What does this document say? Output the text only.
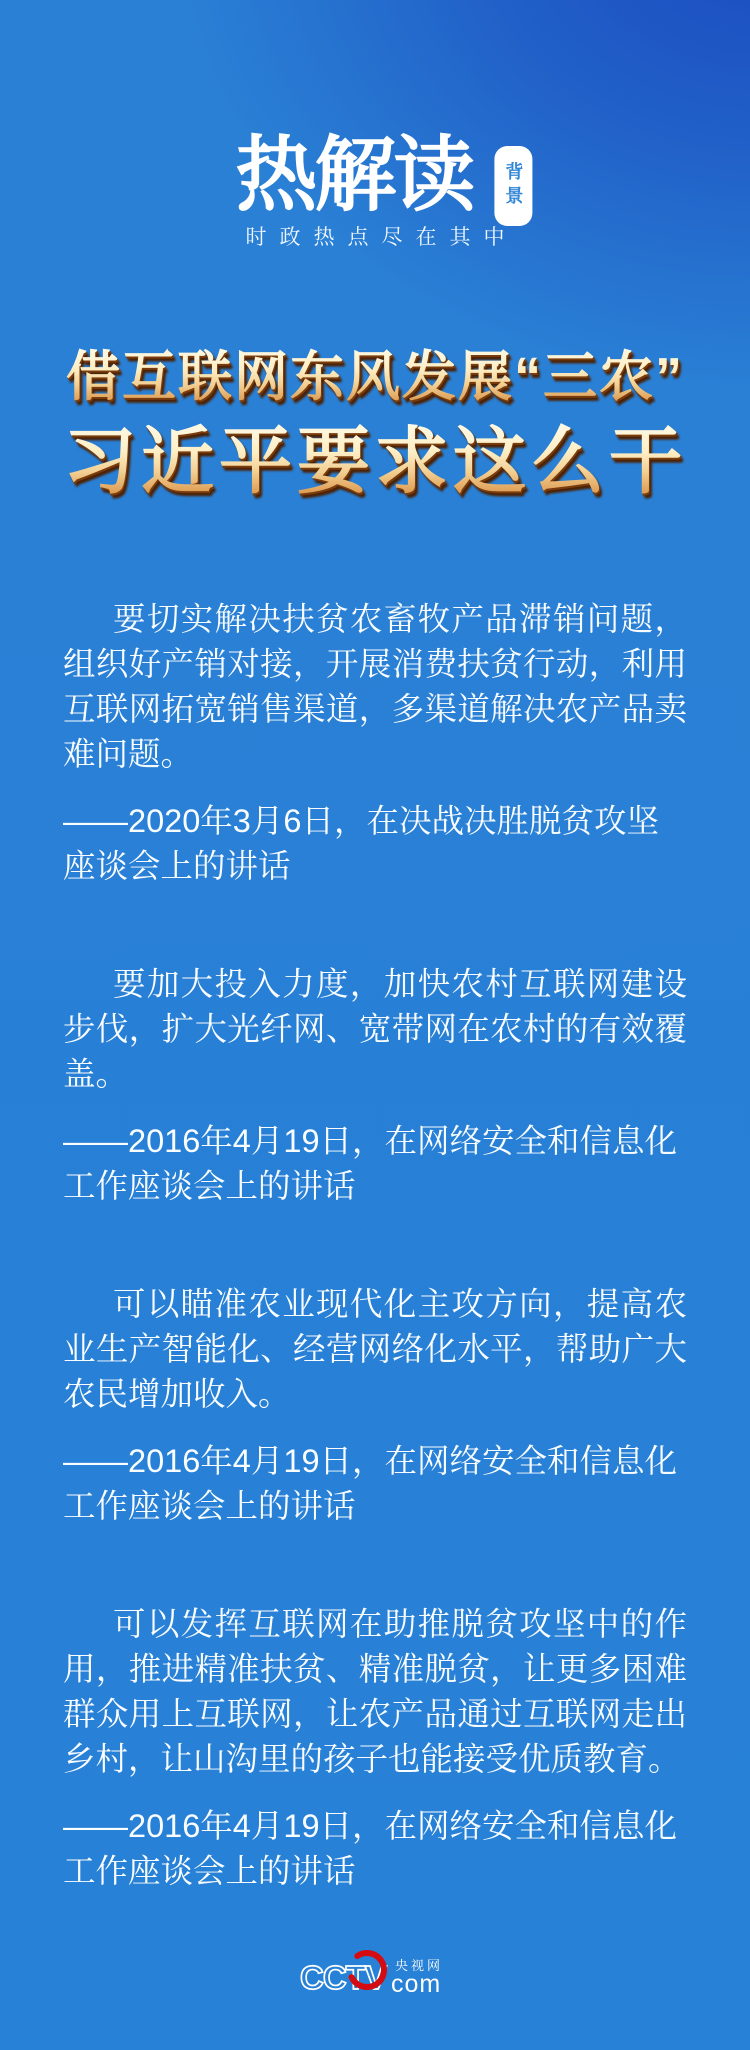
热解读	背景
时政热点尽在其中
借互联网东风发展“三农”
习近平要求这么干

要切实解决扶贫农畜牧产品滞销问题，组织好产销对接，开展消费扶贫行动，利用互联网拓宽销售渠道，多渠道解决农产品卖难问题。

——2020年3月6日，在决战决胜脱贫攻坚座谈会上的讲话

要加大投入力度，加快农村互联网建设步伐，扩大光纤网、宽带网在农村的有效覆盖。

——2016年4月19日，在网络安全和信息化工作座谈会上的讲话

可以瞄准农业现代化主攻方向，提高农业生产智能化、经营网络化水平，帮助广大农民增加收入。

——2016年4月19日，在网络安全和信息化工作座谈会上的讲话

可以发挥互联网在助推脱贫攻坚中的作用，推进精准扶贫、精准脱贫，让更多困难群众用上互联网，让农产品通过互联网走出乡村，让山沟里的孩子也能接受优质教育。

——2016年4月19日，在网络安全和信息化工作座谈会上的讲话

CCTV 央视网
com
